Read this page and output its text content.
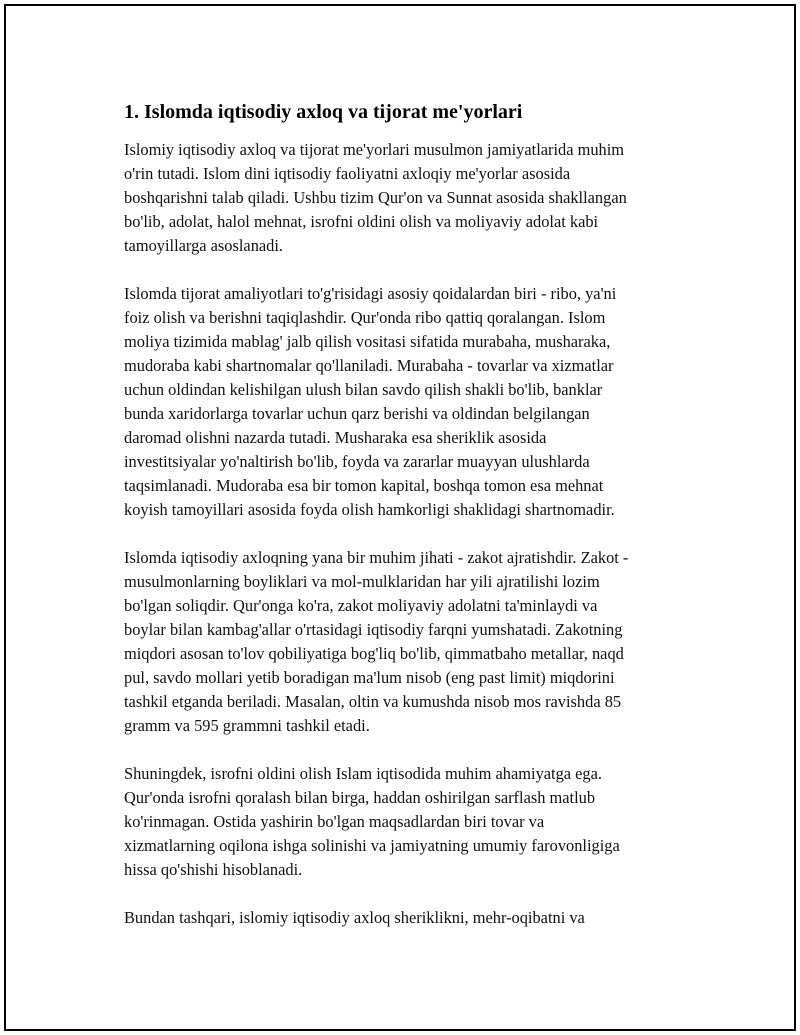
1. Islomda iqtisodiy axloq va tijorat me'yorlari

Islomiy iqtisodiy axloq va tijorat me'yorlari musulmon jamiyatlarida muhim
o'rin tutadi. Islom dini iqtisodiy faoliyatni axloqiy me'yorlar asosida
boshqarishni talab qiladi. Ushbu tizim Qur'on va Sunnat asosida shakllangan
bo'lib, adolat, halol mehnat, isrofni oldini olish va moliyaviy adolat kabi
tamoyillarga asoslanadi.

Islomda tijorat amaliyotlari to'g'risidagi asosiy qoidalardan biri - ribo, ya'ni
foiz olish va berishni taqiqlashdir. Qur'onda ribo qattiq qoralangan. Islom
moliya tizimida mablag' jalb qilish vositasi sifatida murabaha, musharaka,
mudoraba kabi shartnomalar qo'llaniladi. Murabaha - tovarlar va xizmatlar
uchun oldindan kelishilgan ulush bilan savdo qilish shakli bo'lib, banklar
bunda xaridorlarga tovarlar uchun qarz berishi va oldindan belgilangan
daromad olishni nazarda tutadi. Musharaka esa sheriklik asosida
investitsiyalar yo'naltirish bo'lib, foyda va zararlar muayyan ulushlarda
taqsimlanadi. Mudoraba esa bir tomon kapital, boshqa tomon esa mehnat
koyish tamoyillari asosida foyda olish hamkorligi shaklidagi shartnomadir.

Islomda iqtisodiy axloqning yana bir muhim jihati - zakot ajratishdir. Zakot -
musulmonlarning boyliklari va mol-mulklaridan har yili ajratilishi lozim
bo'lgan soliqdir. Qur'onga ko'ra, zakot moliyaviy adolatni ta'minlaydi va
boylar bilan kambag'allar o'rtasidagi iqtisodiy farqni yumshatadi. Zakotning
miqdori asosan to'lov qobiliyatiga bog'liq bo'lib, qimmatbaho metallar, naqd
pul, savdo mollari yetib boradigan ma'lum nisob (eng past limit) miqdorini
tashkil etganda beriladi. Masalan, oltin va kumushda nisob mos ravishda 85
gramm va 595 grammni tashkil etadi.

Shuningdek, isrofni oldini olish Islam iqtisodida muhim ahamiyatga ega.
Qur'onda isrofni qoralash bilan birga, haddan oshirilgan sarflash matlub
ko'rinmagan. Ostida yashirin bo'lgan maqsadlardan biri tovar va
xizmatlarning oqilona ishga solinishi va jamiyatning umumiy farovonligiga
hissa qo'shishi hisoblanadi.

Bundan tashqari, islomiy iqtisodiy axloq sheriklikni, mehr-oqibatni va
